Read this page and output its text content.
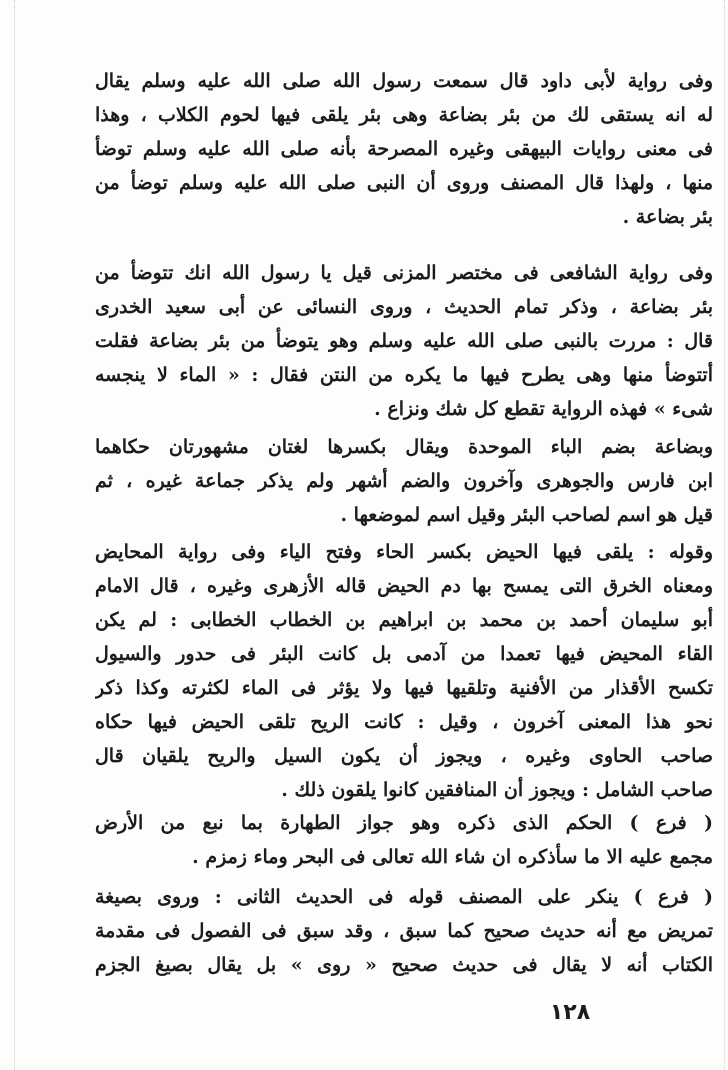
وفى رواية لأبى داود قال سمعت رسول الله صلى الله عليه وسلم يقال
له انه يستقى لك من بئر بضاعة وهى بئر يلقى فيها لحوم الكلاب ، وهذا
فى معنى روايات البيهقى وغيره المصرحة بأنه صلى الله عليه وسلم توضأ
منها ، ولهذا قال المصنف وروى أن النبى صلى الله عليه وسلم توضأ من
بئر بضاعة .
وفى رواية الشافعى فى مختصر المزنى قيل يا رسول الله انك تتوضأ من
بئر بضاعة ، وذكر تمام الحديث ، وروى النسائى عن أبى سعيد الخدرى
قال : مررت بالنبى صلى الله عليه وسلم وهو يتوضأ من بئر بضاعة فقلت
أتتوضأ منها وهى يطرح فيها ما يكره من النتن فقال : « الماء لا ينجسه
شىء » فهذه الرواية تقطع كل شك ونزاع .
وبضاعة بضم الباء الموحدة ويقال بكسرها لغتان مشهورتان حكاهما
ابن فارس والجوهرى وآخرون والضم أشهر ولم يذكر جماعة غيره ، ثم
قيل هو اسم لصاحب البئر وقيل اسم لموضعها .
وقوله : يلقى فيها الحيض بكسر الحاء وفتح الياء وفى رواية المحايض
ومعناه الخرق التى يمسح بها دم الحيض قاله الأزهرى وغيره ، قال الامام
أبو سليمان أحمد بن محمد بن ابراهيم بن الخطاب الخطابى : لم يكن
القاء المحيض فيها تعمدا من آدمى بل كانت البئر فى حدور والسيول
تكسح الأقذار من الأفنية وتلقيها فيها ولا يؤثر فى الماء لكثرته وكذا ذكر
نحو هذا المعنى آخرون ، وقيل : كانت الريح تلقى الحيض فيها حكاه
صاحب الحاوى وغيره ، ويجوز أن يكون السيل والريح يلقيان قال
صاحب الشامل : ويجوز أن المنافقين كانوا يلقون ذلك .
( فرع ) الحكم الذى ذكره وهو جواز الطهارة بما نبع من الأرض
مجمع عليه الا ما سأذكره ان شاء الله تعالى فى البحر وماء زمزم .
( فرع ) ينكر على المصنف قوله فى الحديث الثانى : وروى بصيغة
تمريض مع أنه حديث صحيح كما سبق ، وقد سبق فى الفصول فى مقدمة
الكتاب أنه لا يقال فى حديث صحيح « روى » بل يقال بصيغ الجزم
١٢٨
